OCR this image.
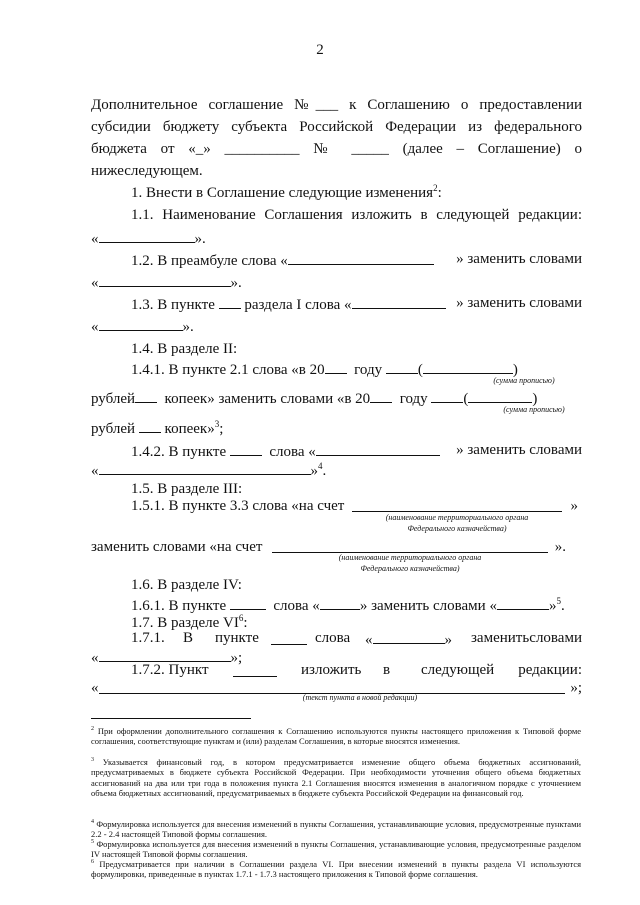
2
Дополнительное соглашение №___ к Соглашению о предоставлении
субсидии бюджету субъекта Российской Федерации из федерального
бюджета от «_» __________ № _____ (далее – Соглашение) о
нижеследующем.
1. Внести в Соглашение следующие изменения$^2$:
1.1. Наименование Соглашения изложить в следующей редакции:
«	».
1.2. В преамбуле слова «	» заменить словами
«	».
1.3. В пункте раздела I слова «	» заменить словами
«	».
1.4. В разделе II:
1.4.1. В пункте 2.1 слова «в 20 году (	)
(сумма прописью)
рублей копеек» заменить словами «в 20 году (	)
(сумма прописью)
рублей копеек»$^3$;
1.4.2. В пункте	слова «	» заменить словами
«	»$^4$.
1.5. В разделе III:
1.5.1. В пункте 3.3 слова «на счет	»
(наименование территориального органа
Федерального казначейства)
заменить словами «на счет	».
(наименование территориального органа
Федерального казначейства)
1.6. В разделе IV:
1.6.1. В пункте	слова «	» заменить словами «	»$^5$.
1.7. В разделе $VI^6$:
1.7.1. В пункте	слова «	» заменить словами
«	»;
1.7.2. Пункт	изложить в следующей редакции:
«	»;
(текст пункта в новой редакции)
$^2$ При оформлении дополнительного соглашения к Соглашению используются пункты настоящего приложения к Типовой форме соглашения, соответствующие пунктам и (или) разделам Соглашения, в которые вносятся изменения.
$^3$ Указывается финансовый год, в котором предусматривается изменение общего объема бюджетных ассигнований, предусматриваемых в бюджете субъекта Российской Федерации. При необходимости уточнения общего объема бюджетных ассигнований на два или три года в положения пункта 2.1 Соглашения вносятся изменения в аналогичном порядке с уточнением объема бюджетных ассигнований, предусматриваемых в бюджете субъекта Российской Федерации на финансовый год.
$^4$ Формулировка используется для внесения изменений в пункты Соглашения, устанавливающие условия, предусмотренные пунктами 2.2 - 2.4 настоящей Типовой формы соглашения.
$^5$ Формулировка используется для внесения изменений в пункты Соглашения, устанавливающие условия, предусмотренные разделом IV настоящей Типовой формы соглашения.
$^6$ Предусматривается при наличии в Соглашении раздела VI. При внесении изменений в пункты раздела VI используются формулировки, приведенные в пунктах 1.7.1 - 1.7.3 настоящего приложения к Типовой форме соглашения.
